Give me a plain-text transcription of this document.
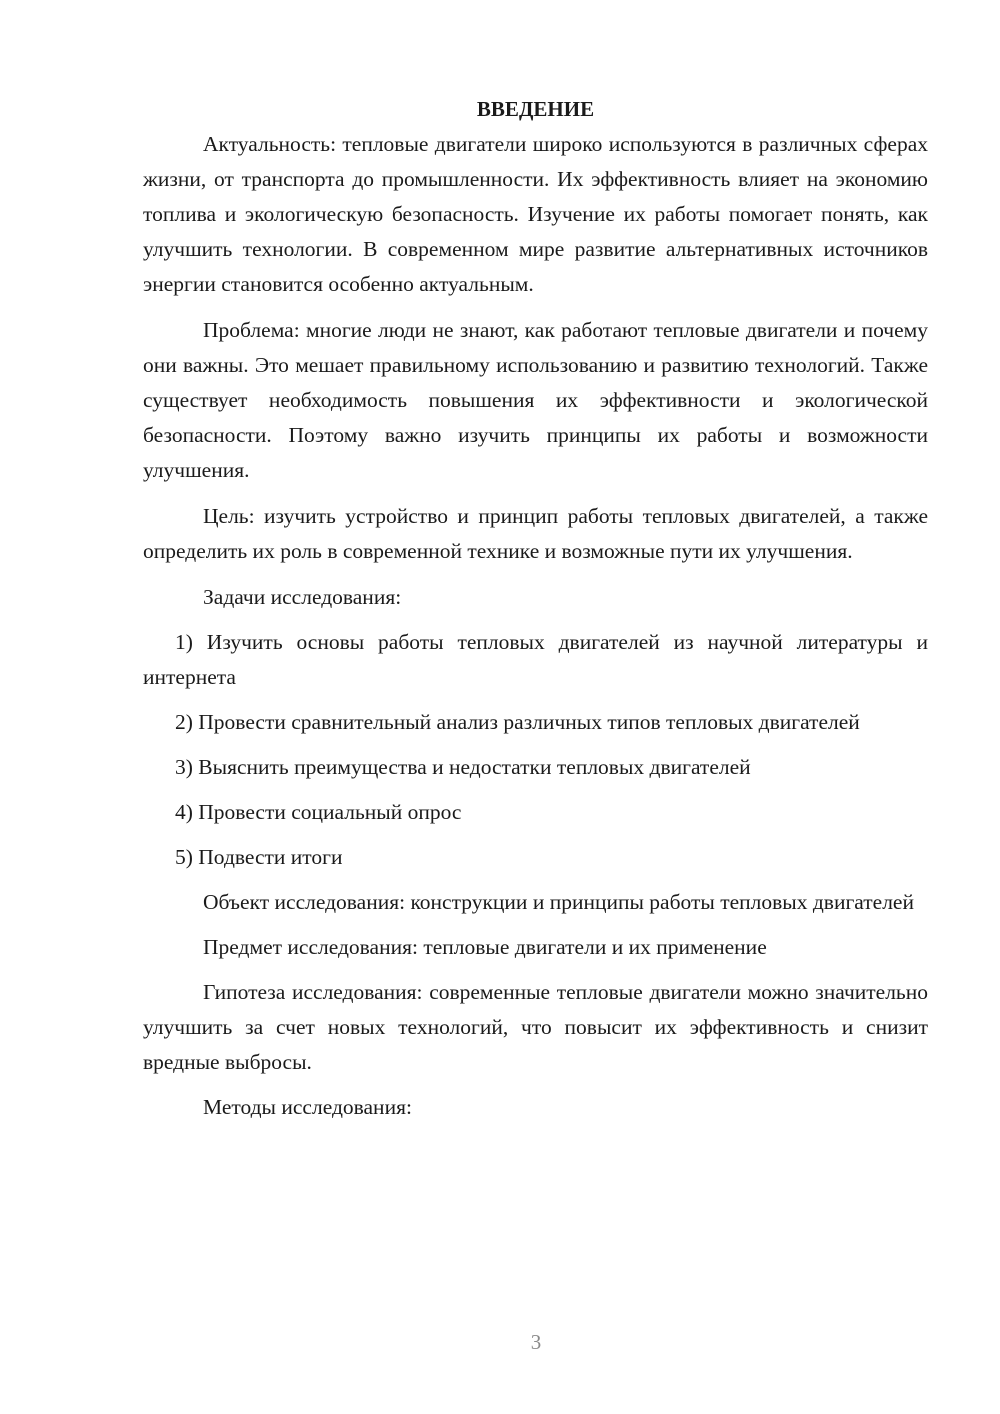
ВВЕДЕНИЕ

Актуальность: тепловые двигатели широко используются в различных сферах жизни, от транспорта до промышленности. Их эффективность влияет на экономию топлива и экологическую безопасность. Изучение их работы помогает понять, как улучшить технологии. В современном мире развитие альтернативных источников энергии становится особенно актуальным.

Проблема: многие люди не знают, как работают тепловые двигатели и почему они важны. Это мешает правильному использованию и развитию технологий. Также существует необходимость повышения их эффективности и экологической безопасности. Поэтому важно изучить принципы их работы и возможности улучшения.

Цель: изучить устройство и принцип работы тепловых двигателей, а также определить их роль в современной технике и возможные пути их улучшения.

Задачи исследования:

1) Изучить основы работы тепловых двигателей из научной литературы и интернета

2) Провести сравнительный анализ различных типов тепловых двигателей

3) Выяснить преимущества и недостатки тепловых двигателей

4) Провести социальный опрос

5) Подвести итоги

Объект исследования: конструкции и принципы работы тепловых двигателей

Предмет исследования: тепловые двигатели и их применение

Гипотеза исследования: современные тепловые двигатели можно значительно улучшить за счет новых технологий, что повысит их эффективность и снизит вредные выбросы.

Методы исследования:

3
